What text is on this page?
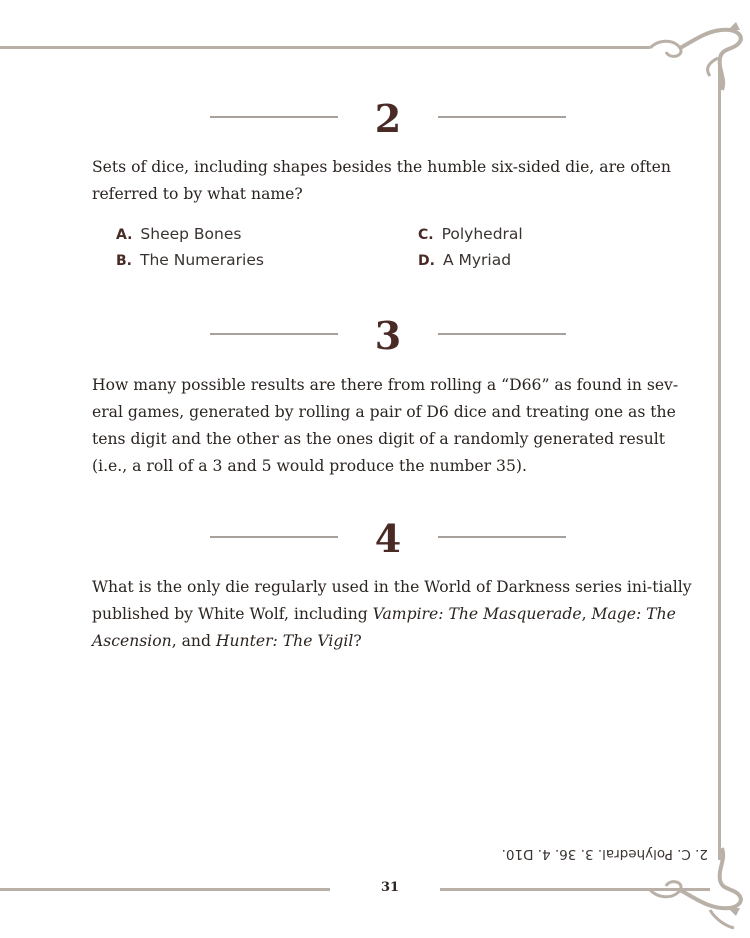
2
Sets of dice, including shapes besides the humble six-sided die, are often referred to by what name?
A. Sheep Bones
B. The Numeraries
C. Polyhedral
D. A Myriad
3
How many possible results are there from rolling a “D66” as found in sev-eral games, generated by rolling a pair of D6 dice and treating one as the tens digit and the other as the ones digit of a randomly generated result (i.e., a roll of a 3 and 5 would produce the number 35).
4
What is the only die regularly used in the World of Darkness series ini-tially published by White Wolf, including Vampire: The Masquerade, Mage: The Ascension, and Hunter: The Vigil?
2. C. Polyhedral. 3. 36. 4. D10.
31
